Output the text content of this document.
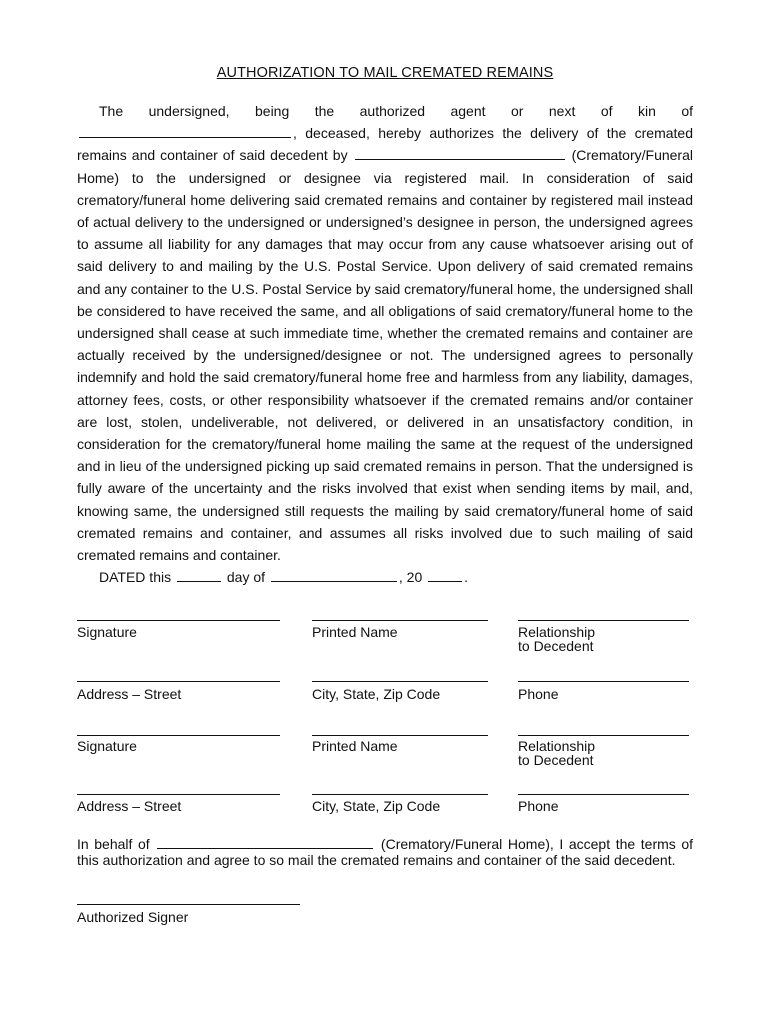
AUTHORIZATION TO MAIL CREMATED REMAINS

The undersigned, being the authorized agent or next of kin of , deceased, hereby authorizes the delivery of the cremated remains and container of said decedent by	(Crematory/Funeral Home) to the undersigned or designee via registered mail. In consideration of said crematory/funeral home delivering said cremated remains and container by registered mail instead of actual delivery to the undersigned or undersigned’s designee in person, the undersigned agrees to assume all liability for any damages that may occur from any cause whatsoever arising out of said delivery to and mailing by the U.S. Postal Service. Upon delivery of said cremated remains and any container to the U.S. Postal Service by said crematory/funeral home, the undersigned shall be considered to have received the same, and all obligations of said crematory/funeral home to the undersigned shall cease at such immediate time, whether the cremated remains and container are actually received by the undersigned/designee or not. The undersigned agrees to personally indemnify and hold the said crematory/funeral home free and harmless from any liability, damages, attorney fees, costs, or other responsibility whatsoever if the cremated remains and/or container are lost, stolen, undeliverable, not delivered, or delivered in an unsatisfactory condition, in consideration for the crematory/funeral home mailing the same at the request of the undersigned and in lieu of the undersigned picking up said cremated remains in person. That the undersigned is fully aware of the uncertainty and the risks involved that exist when sending items by mail, and, knowing same, the undersigned still requests the mailing by said crematory/funeral home of said cremated remains and container, and assumes all risks involved due to such mailing of said cremated remains and container.

DATED this	day of	, 20	.
Signature	Printed Name	Relationship
to Decedent
Address – Street	City, State, Zip Code	Phone
Signature	Printed Name	Relationship
to Decedent
Address – Street	City, State, Zip Code	Phone

In behalf of	(Crematory/Funeral Home), I accept the terms of this authorization and agree to so mail the cremated remains and container of the said decedent.

Authorized Signer
